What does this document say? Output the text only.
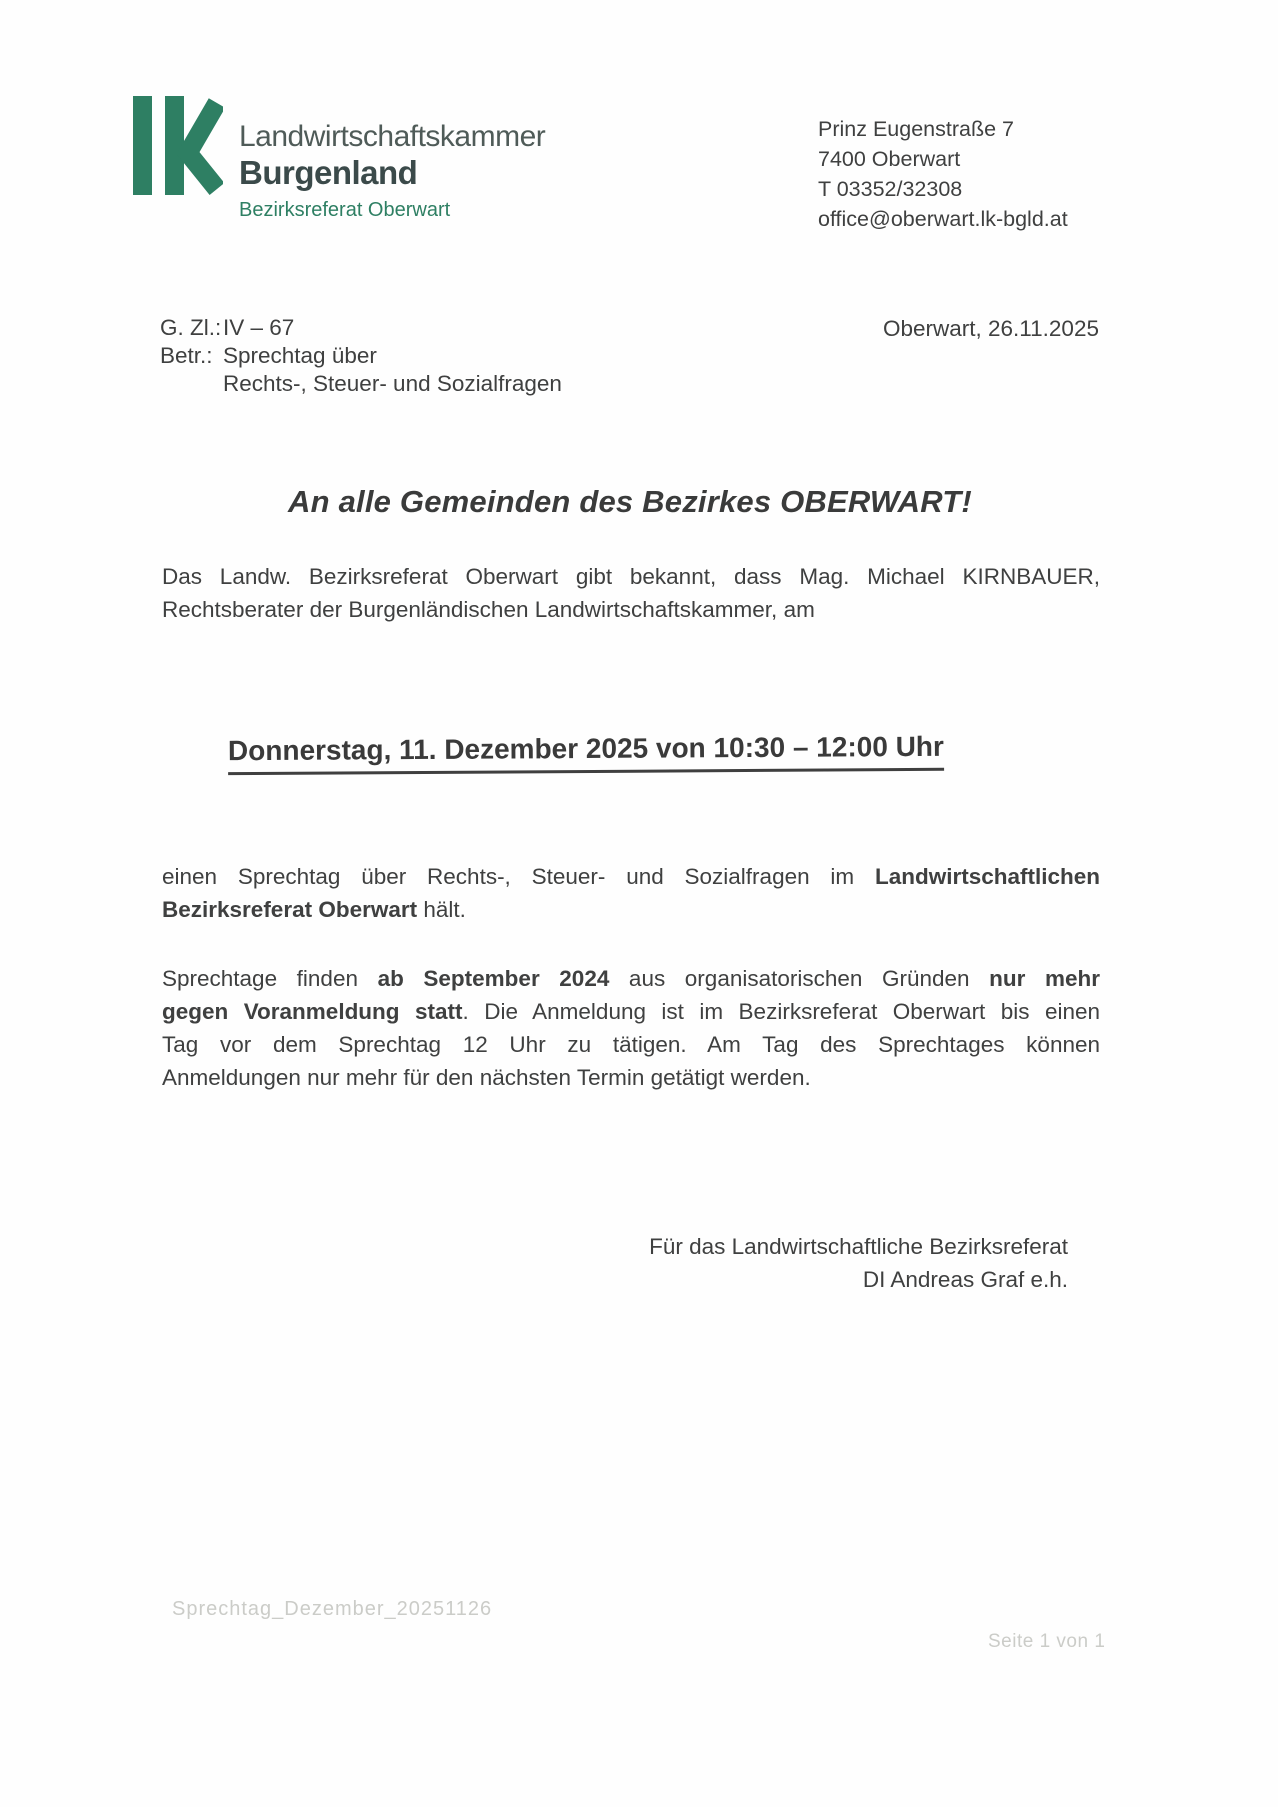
Landwirtschaftskammer
Burgenland
Bezirksreferat Oberwart
Prinz Eugenstraße 7
7400 Oberwart
T 03352/32308
office@oberwart.lk-bgld.at
G. Zl.:IV – 67
Betr.: Sprechtag über
Rechts-, Steuer- und Sozialfragen
Oberwart, 26.11.2025
An alle Gemeinden des Bezirkes OBERWART!

Das Landw. Bezirksreferat Oberwart gibt bekannt, dass Mag. Michael KIRNBAUER,
Rechtsberater der Burgenländischen Landwirtschaftskammer, am

Donnerstag, 11. Dezember 2025 von 10:30 – 12:00 Uhr

einen Sprechtag über Rechts-, Steuer- und Sozialfragen im Landwirtschaftlichen
Bezirksreferat Oberwart hält.

Sprechtage finden ab September 2024 aus organisatorischen Gründen nur mehr
gegen Voranmeldung statt. Die Anmeldung ist im Bezirksreferat Oberwart bis einen
Tag vor dem Sprechtag 12 Uhr zu tätigen. Am Tag des Sprechtages können
Anmeldungen nur mehr für den nächsten Termin getätigt werden.

Für das Landwirtschaftliche Bezirksreferat
DI Andreas Graf e.h.
Sprechtag_Dezember_20251126
Seite 1 von 1
